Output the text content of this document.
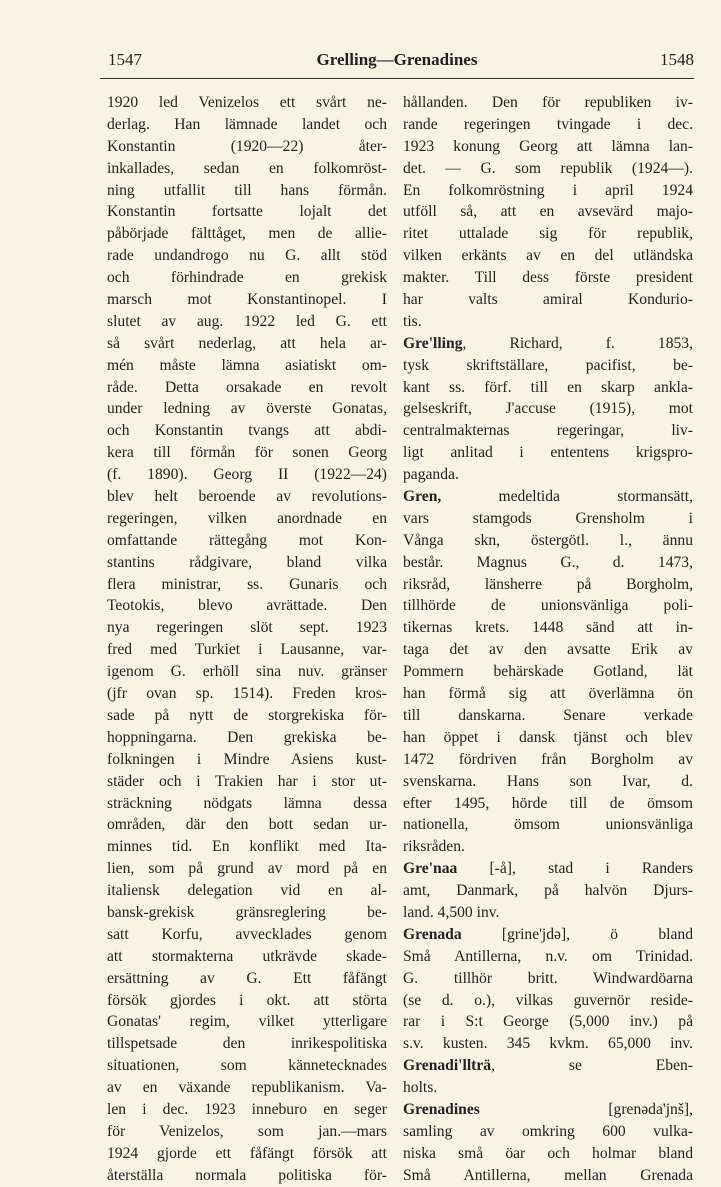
1547	Grelling—Grenadines	1548
1920 led Venizelos ett svårt ne-
derlag. Han lämnade landet och
Konstantin (1920—22) åter-
inkallades, sedan en folkomröst-
ning utfallit till hans förmån.
Konstantin fortsatte lojalt det
påbörjade fälttåget, men de allie-
rade undandrogo nu G. allt stöd
och förhindrade en grekisk
marsch mot Konstantinopel. I
slutet av aug. 1922 led G. ett
så svårt nederlag, att hela ar-
mén måste lämna asiatiskt om-
råde. Detta orsakade en revolt
under ledning av överste Gonatas,
och Konstantin tvangs att abdi-
kera till förmån för sonen Georg
(f. 1890). Georg II (1922—24)
blev helt beroende av revolutions-
regeringen, vilken anordnade en
omfattande rättegång mot Kon-
stantins rådgivare, bland vilka
flera ministrar, ss. Gunaris och
Teotokis, blevo avrättade. Den
nya regeringen slöt sept. 1923
fred med Turkiet i Lausanne, var-
igenom G. erhöll sina nuv. gränser
(jfr ovan sp. 1514). Freden kros-
sade på nytt de storgrekiska för-
hoppningarna. Den grekiska be-
folkningen i Mindre Asiens kust-
städer och i Trakien har i stor ut-
sträckning nödgats lämna dessa
områden, där den bott sedan ur-
minnes tid. En konflikt med Ita-
lien, som på grund av mord på en
italiensk delegation vid en al-
bansk-grekisk gränsreglering be-
satt Korfu, avvecklades genom
att stormakterna utkrävde skade-
ersättning av G. Ett fåfängt
försök gjordes i okt. att störta
Gonatas' regim, vilket ytterligare
tillspetsade den inrikespolitiska
situationen, som kännetecknades
av en växande republikanism. Va-
len i dec. 1923 inneburo en seger
för Venizelos, som jan.—mars
1924 gjorde ett fåfängt försök att
återställa normala politiska för-
hållanden. Den för republiken iv-
rande regeringen tvingade i dec.
1923 konung Georg att lämna lan-
det. — G. som republik (1924—).
En folkomröstning i april 1924
utföll så, att en avsevärd majo-
ritet uttalade sig för republik,
vilken erkänts av en del utländska
makter. Till dess förste president
har valts amiral Kondurio-
tis.
Gre'lling, Richard, f. 1853,
tysk skriftställare, pacifist, be-
kant ss. förf. till en skarp ankla-
gelseskrift, J'accuse (1915), mot
centralmakternas regeringar, liv-
ligt anlitad i ententens krigspro-
paganda.
Gren, medeltida stormansätt,
vars stamgods Grensholm i
Vånga skn, östergötl. l., ännu
består. Magnus G., d. 1473,
riksråd, länsherre på Borgholm,
tillhörde de unionsvänliga poli-
tikernas krets. 1448 sänd att in-
taga det av den avsatte Erik av
Pommern behärskade Gotland, lät
han förmå sig att överlämna ön
till danskarna. Senare verkade
han öppet i dansk tjänst och blev
1472 fördriven från Borgholm av
svenskarna. Hans son Ivar, d.
efter 1495, hörde till de ömsom
nationella, ömsom unionsvänliga
riksråden.
Gre'naa [-å], stad i Randers
amt, Danmark, på halvön Djurs-
land. 4,500 inv.
Grenada [grine'jdə], ö bland
Små Antillerna, n.v. om Trinidad.
G. tillhör britt. Windwardöarna
(se d. o.), vilkas guvernör reside-
rar i S:t George (5,000 inv.) på
s.v. kusten. 345 kvkm. 65,000 inv.
Grenadi'llträ, se Eben-
holts.
Grenadines [grenəda'jnš],
samling av omkring 600 vulka-
niska små öar och holmar bland
Små Antillerna, mellan Grenada
